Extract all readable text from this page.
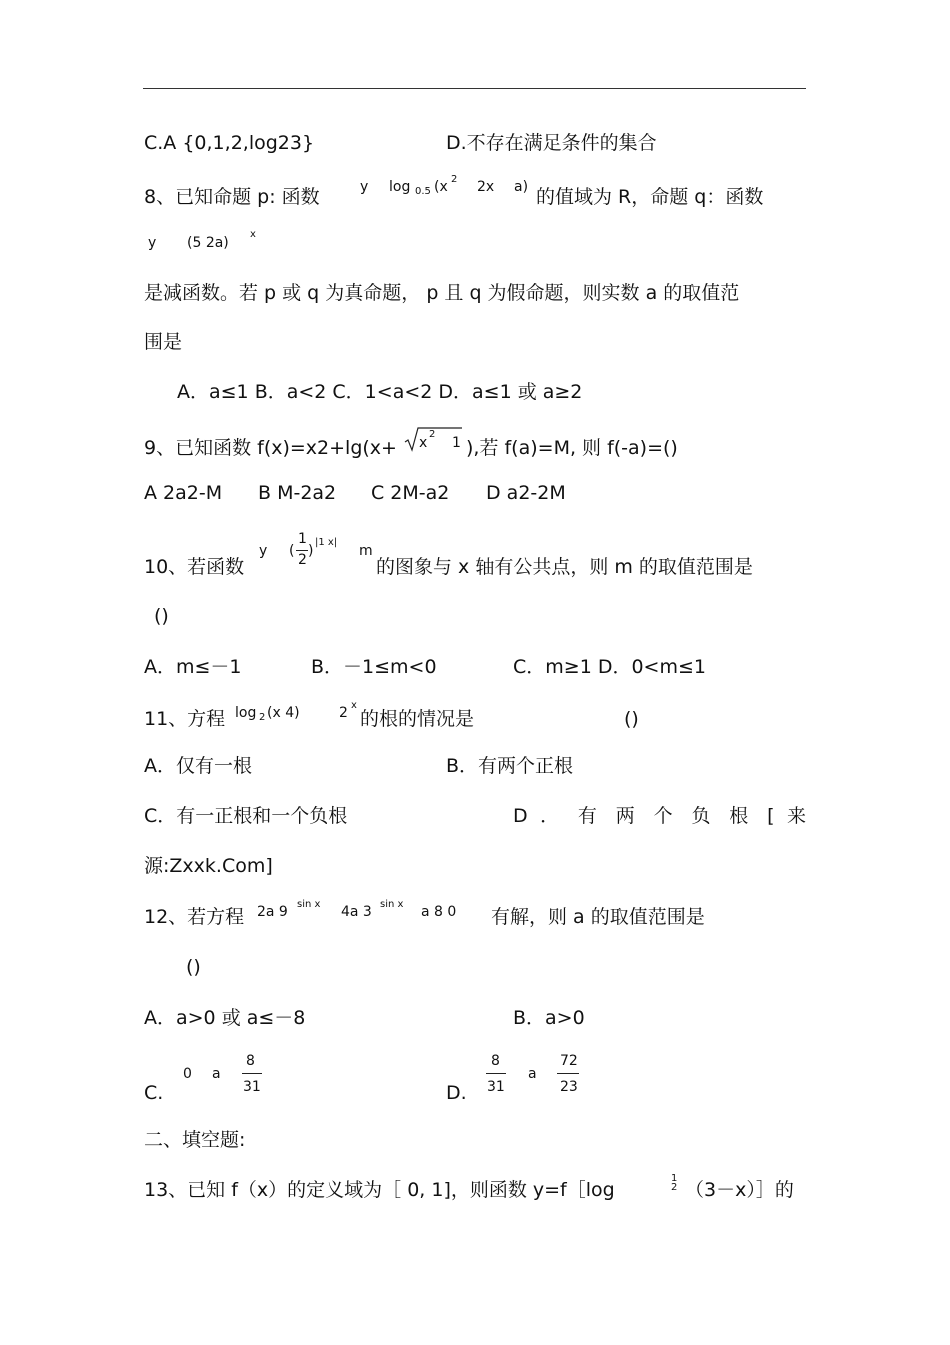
C.A {0,1,2,log23}	D.不存在满足条件的集合
8、已知命题 p: 函数	y log 0.5 (x 2 2x a) 的值域为 R，命题 q：函数
y (5 2a)
x
是减函数。若 p 或 q 为真命题， p 且 q 为假命题，则实数 a 的取值范
围是
A．a≤1 B．a<2 C．1<a<2 D．a≤1 或 a≥2
9、已知函数 f(x)=x2+lg(x+ x
2
1 ),若 f(a)=M, 则 f(-a)=()
A 2a2-M B M-2a2 C 2M-a2 D a2-2M
10、若函数
y (
1
2
)
|1 x|
m
的图象与 x 轴有公共点，则 m 的取值范围是
()
A．m≤－1	B．－1≤m<0	C．m≥1 D．0<m≤1
11、方程 log 2 (x 4)	2 x
的根的情况是	()
A．仅有一根	B．有两个正根
C．有一正根和一个负根	D ． 有 两 个 负 根 [ 来
源:Zxxk.Com]
12、若方程 2a 9 sin x 4a 3 sin x a 8 0 有解，则 a 的取值范围是
()
A．a>0 或 a≤－8	B．a>0
C.
0 a
8
31	D.
8
31
a
72
23
二、填空题:
13、已知 f（x）的定义域为［ 0, 1]，则函数 y=f［log
1 2 （3－x）］的
